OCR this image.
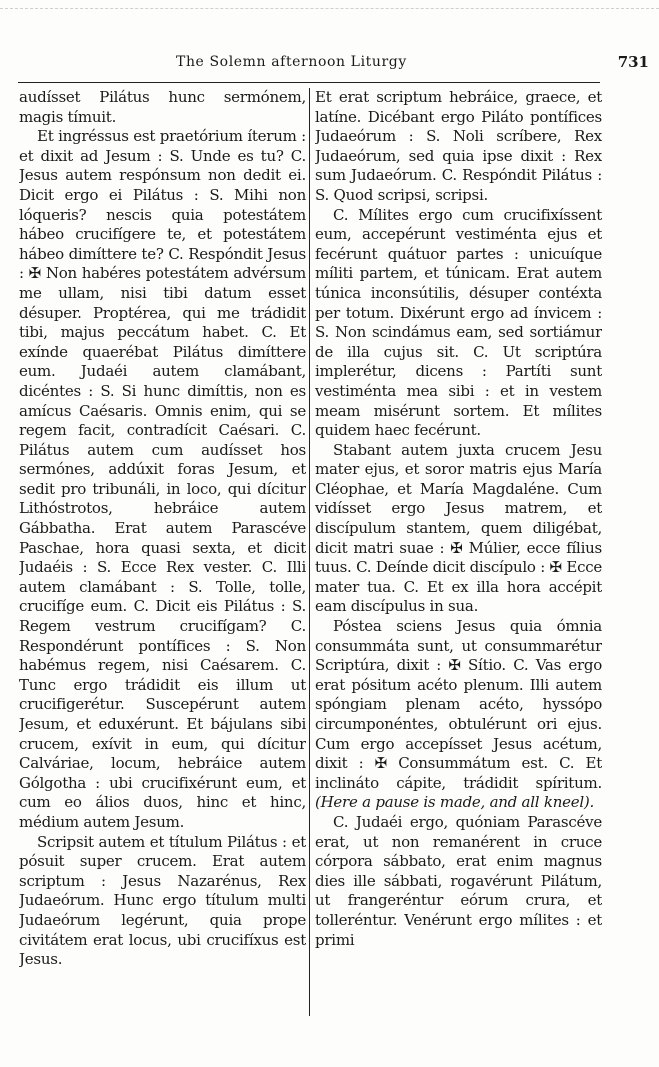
The Solemn afternoon Liturgy	731

audísset Pilátus hunc sermónem, magis tímuit.

Et ingréssus est praetórium íterum : et dixit ad Jesum : S. Unde es tu? C. Jesus autem respónsum non dedit ei. Dicit ergo ei Pilátus : S. Mihi non lóqueris? nescis quia potestátem hábeo crucifígere te, et potestátem hábeo dimíttere te? C. Respóndit Jesus : ✠ Non habéres potestátem advérsum me ullam, nisi tibi datum esset désuper. Proptérea, qui me trádidit tibi, majus peccátum habet. C. Et exínde quaerébat Pilátus dimíttere eum. Judaéi autem clamábant, dicéntes : S. Si hunc dimíttis, non es amícus Caésaris. Omnis enim, qui se regem facit, contradícit Caésari. C. Pilátus autem cum audísset hos sermónes, addúxit foras Jesum, et sedit pro tribunáli, in loco, qui dícitur Lithóstrotos, hebráice autem Gábbatha. Erat autem Parascéve Paschae, hora quasi sexta, et dicit Judaéis : S. Ecce Rex vester. C. Illi autem clamábant : S. Tolle, tolle, crucifíge eum. C. Dicit eis Pilátus : S. Regem vestrum crucifígam? C. Respondérunt pontífices : S. Non habémus regem, nisi Caésarem. C. Tunc ergo trádidit eis illum ut crucifigerétur. Suscepérunt autem Jesum, et eduxérunt. Et bájulans sibi crucem, exívit in eum, qui dícitur Calváriae, locum, hebráice autem Gólgotha : ubi crucifixérunt eum, et cum eo álios duos, hinc et hinc, médium autem Jesum.

Scripsit autem et títulum Pilátus : et pósuit super crucem. Erat autem scriptum : Jesus Nazarénus, Rex Judaeórum. Hunc ergo títulum multi Judaeórum legérunt, quia prope civitátem erat locus, ubi crucifíxus est Jesus.

Et erat scriptum hebráice, graece, et latíne. Dicébant ergo Piláto pontífices Judaeórum : S. Noli scríbere, Rex Judaeórum, sed quia ipse dixit : Rex sum Judaeórum. C. Respóndit Pilátus : S. Quod scripsi, scripsi.

C. Mílites ergo cum crucifixíssent eum, accepérunt vestiménta ejus et fecérunt quátuor partes : unicuíque míliti partem, et túnicam. Erat autem túnica inconsútilis, désuper contéxta per totum. Dixérunt ergo ad ínvicem : S. Non scindámus eam, sed sortiámur de illa cujus sit. C. Ut scriptúra implerétur, dicens : Partíti sunt vestiménta mea sibi : et in vestem meam misérunt sortem. Et mílites quidem haec fecérunt.

Stabant autem juxta crucem Jesu mater ejus, et soror matris ejus María Cléophae, et María Magdaléne. Cum vidísset ergo Jesus matrem, et discípulum stantem, quem diligébat, dicit matri suae : ✠ Múlier, ecce fílius tuus. C. Deínde dicit discípulo : ✠ Ecce mater tua. C. Et ex illa hora accépit eam discípulus in sua.

Póstea sciens Jesus quia ómnia consummáta sunt, ut consummarétur Scriptúra, dixit : ✠ Sítio. C. Vas ergo erat pósitum acéto plenum. Illi autem spóngiam plenam acéto, hyssópo circumponéntes, obtulérunt ori ejus. Cum ergo accepísset Jesus acétum, dixit : ✠ Consummátum est. C. Et inclináto cápite, trádidit spíritum. (Here a pause is made, and all kneel).

C. Judaéi ergo, quóniam Parascéve erat, ut non remanérent in cruce córpora sábbato, erat enim magnus dies ille sábbati, rogavérunt Pilátum, ut frangeréntur eórum crura, et tolleréntur. Venérunt ergo mílites : et primi
